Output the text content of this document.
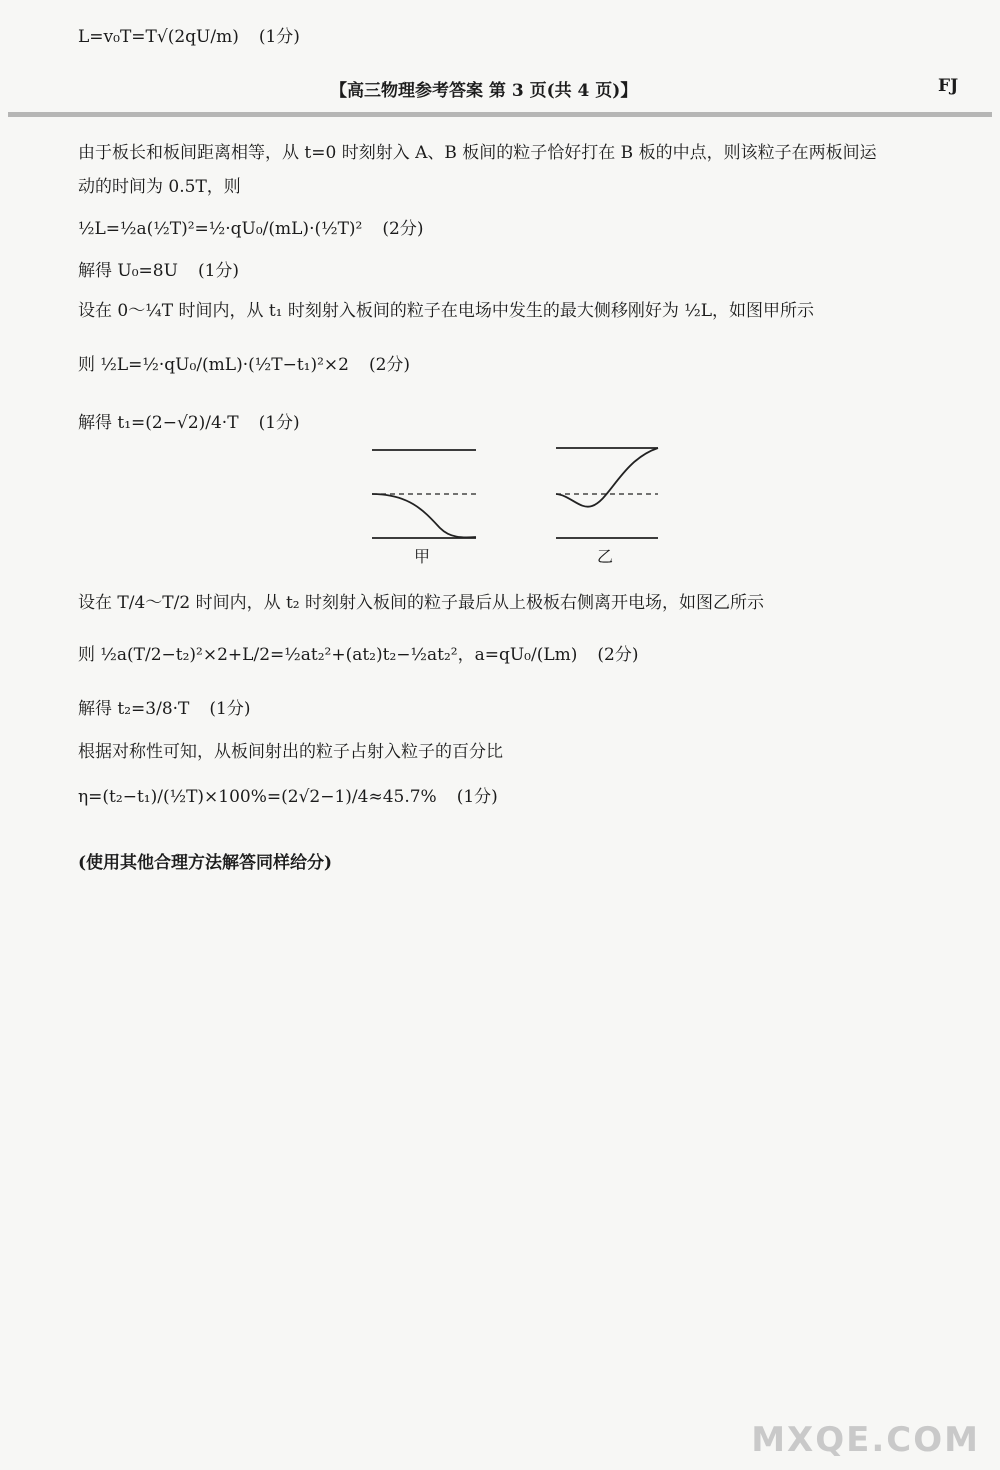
L=v₀T=T√(2qU/m) (1分)
【高三物理参考答案 第 3 页(共 4 页)】	FJ
由于板长和板间距离相等，从 t=0 时刻射入 A、B 板间的粒子恰好打在 B 板的中点，则该粒子在两板间运
动的时间为 0.5T，则
½L=½a(½T)²=½·qU₀/(mL)·(½T)² (2分)
解得 U₀=8U (1分)
设在 0～¼T 时间内，从 t₁ 时刻射入板间的粒子在电场中发生的最大侧移刚好为 ½L，如图甲所示
则 ½L=½·qU₀/(mL)·(½T−t₁)²×2 (2分)
解得 t₁=(2−√2)/4·T (1分)
甲	乙
设在 T/4～T/2 时间内，从 t₂ 时刻射入板间的粒子最后从上极板右侧离开电场，如图乙所示
则 ½a(T/2−t₂)²×2+L/2=½at₂²+(at₂)t₂−½at₂²，a=qU₀/(Lm) (2分)
解得 t₂=3/8·T (1分)
根据对称性可知，从板间射出的粒子占射入粒子的百分比
η=(t₂−t₁)/(½T)×100%=(2√2−1)/4≈45.7% (1分)
(使用其他合理方法解答同样给分)
MXQE.COM
